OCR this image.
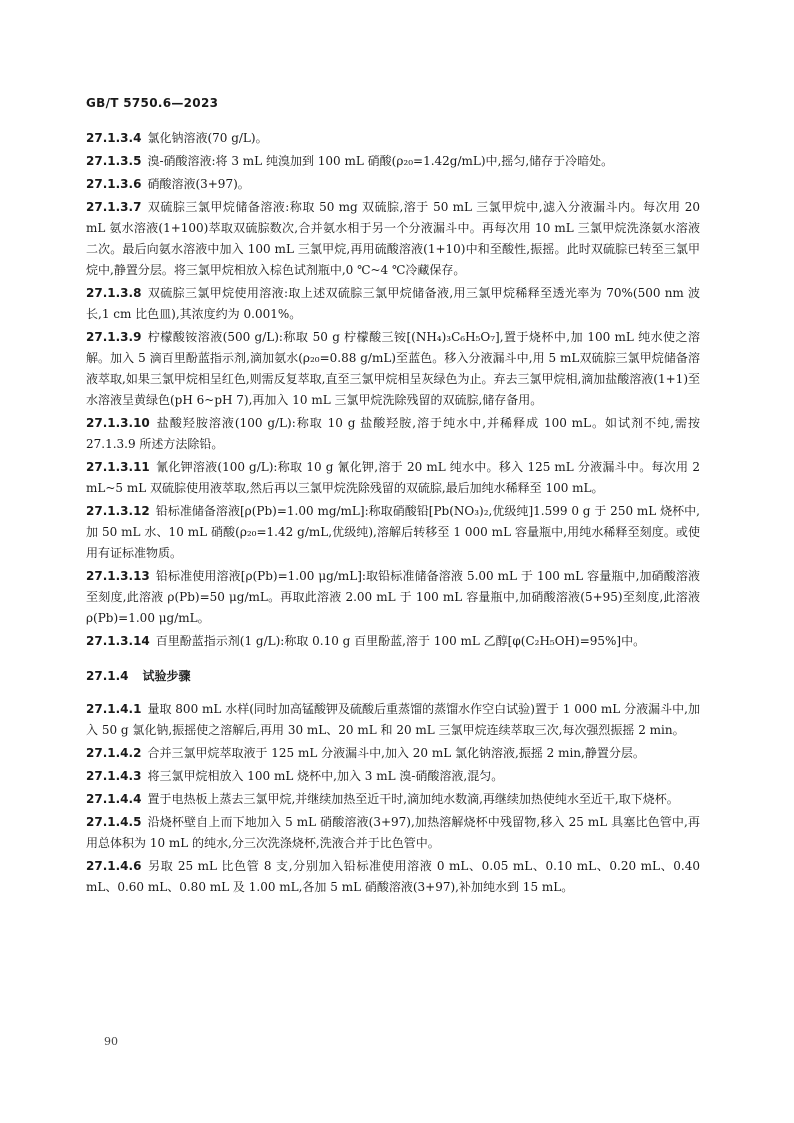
GB/T 5750.6—2023

27.1.3.4 氯化钠溶液(70 g/L)。

27.1.3.5 溴-硝酸溶液:将 3 mL 纯溴加到 100 mL 硝酸(ρ₂₀=1.42g/mL)中,摇匀,储存于冷暗处。

27.1.3.6 硝酸溶液(3+97)。

27.1.3.7 双硫腙三氯甲烷储备溶液:称取 50 mg 双硫腙,溶于 50 mL 三氯甲烷中,滤入分液漏斗内。每次用 20 mL 氨水溶液(1+100)萃取双硫腙数次,合并氨水相于另一个分液漏斗中。再每次用 10 mL 三氯甲烷洗涤氨水溶液二次。最后向氨水溶液中加入 100 mL 三氯甲烷,再用硫酸溶液(1+10)中和至酸性,振摇。此时双硫腙已转至三氯甲烷中,静置分层。将三氯甲烷相放入棕色试剂瓶中,0 ℃~4 ℃冷藏保存。

27.1.3.8 双硫腙三氯甲烷使用溶液:取上述双硫腙三氯甲烷储备液,用三氯甲烷稀释至透光率为 70%(500 nm 波长,1 cm 比色皿),其浓度约为 0.001%。

27.1.3.9 柠檬酸铵溶液(500 g/L):称取 50 g 柠檬酸三铵[(NH₄)₃C₆H₅O₇],置于烧杯中,加 100 mL 纯水使之溶解。加入 5 滴百里酚蓝指示剂,滴加氨水(ρ₂₀=0.88 g/mL)至蓝色。移入分液漏斗中,用 5 mL双硫腙三氯甲烷储备溶液萃取,如果三氯甲烷相呈红色,则需反复萃取,直至三氯甲烷相呈灰绿色为止。弃去三氯甲烷相,滴加盐酸溶液(1+1)至水溶液呈黄绿色(pH 6~pH 7),再加入 10 mL 三氯甲烷洗除残留的双硫腙,储存备用。

27.1.3.10 盐酸羟胺溶液(100 g/L):称取 10 g 盐酸羟胺,溶于纯水中,并稀释成 100 mL。如试剂不纯,需按 27.1.3.9 所述方法除铅。

27.1.3.11 氰化钾溶液(100 g/L):称取 10 g 氰化钾,溶于 20 mL 纯水中。移入 125 mL 分液漏斗中。每次用 2 mL~5 mL 双硫腙使用液萃取,然后再以三氯甲烷洗除残留的双硫腙,最后加纯水稀释至 100 mL。

27.1.3.12 铅标准储备溶液[ρ(Pb)=1.00 mg/mL]:称取硝酸铅[Pb(NO₃)₂,优级纯]1.599 0 g 于 250 mL 烧杯中,加 50 mL 水、10 mL 硝酸(ρ₂₀=1.42 g/mL,优级纯),溶解后转移至 1 000 mL 容量瓶中,用纯水稀释至刻度。或使用有证标准物质。

27.1.3.13 铅标准使用溶液[ρ(Pb)=1.00 μg/mL]:取铅标准储备溶液 5.00 mL 于 100 mL 容量瓶中,加硝酸溶液至刻度,此溶液 ρ(Pb)=50 μg/mL。再取此溶液 2.00 mL 于 100 mL 容量瓶中,加硝酸溶液(5+95)至刻度,此溶液 ρ(Pb)=1.00 μg/mL。

27.1.3.14 百里酚蓝指示剂(1 g/L):称取 0.10 g 百里酚蓝,溶于 100 mL 乙醇[φ(C₂H₅OH)=95%]中。

27.1.4 试验步骤

27.1.4.1 量取 800 mL 水样(同时加高锰酸钾及硫酸后重蒸馏的蒸馏水作空白试验)置于 1 000 mL 分液漏斗中,加入 50 g 氯化钠,振摇使之溶解后,再用 30 mL、20 mL 和 20 mL 三氯甲烷连续萃取三次,每次强烈振摇 2 min。

27.1.4.2 合并三氯甲烷萃取液于 125 mL 分液漏斗中,加入 20 mL 氯化钠溶液,振摇 2 min,静置分层。

27.1.4.3 将三氯甲烷相放入 100 mL 烧杯中,加入 3 mL 溴-硝酸溶液,混匀。

27.1.4.4 置于电热板上蒸去三氯甲烷,并继续加热至近干时,滴加纯水数滴,再继续加热使纯水至近干,取下烧杯。

27.1.4.5 沿烧杯壁自上而下地加入 5 mL 硝酸溶液(3+97),加热溶解烧杯中残留物,移入 25 mL 具塞比色管中,再用总体积为 10 mL 的纯水,分三次洗涤烧杯,洗液合并于比色管中。

27.1.4.6 另取 25 mL 比色管 8 支,分别加入铅标准使用溶液 0 mL、0.05 mL、0.10 mL、0.20 mL、0.40 mL、0.60 mL、0.80 mL 及 1.00 mL,各加 5 mL 硝酸溶液(3+97),补加纯水到 15 mL。

90
